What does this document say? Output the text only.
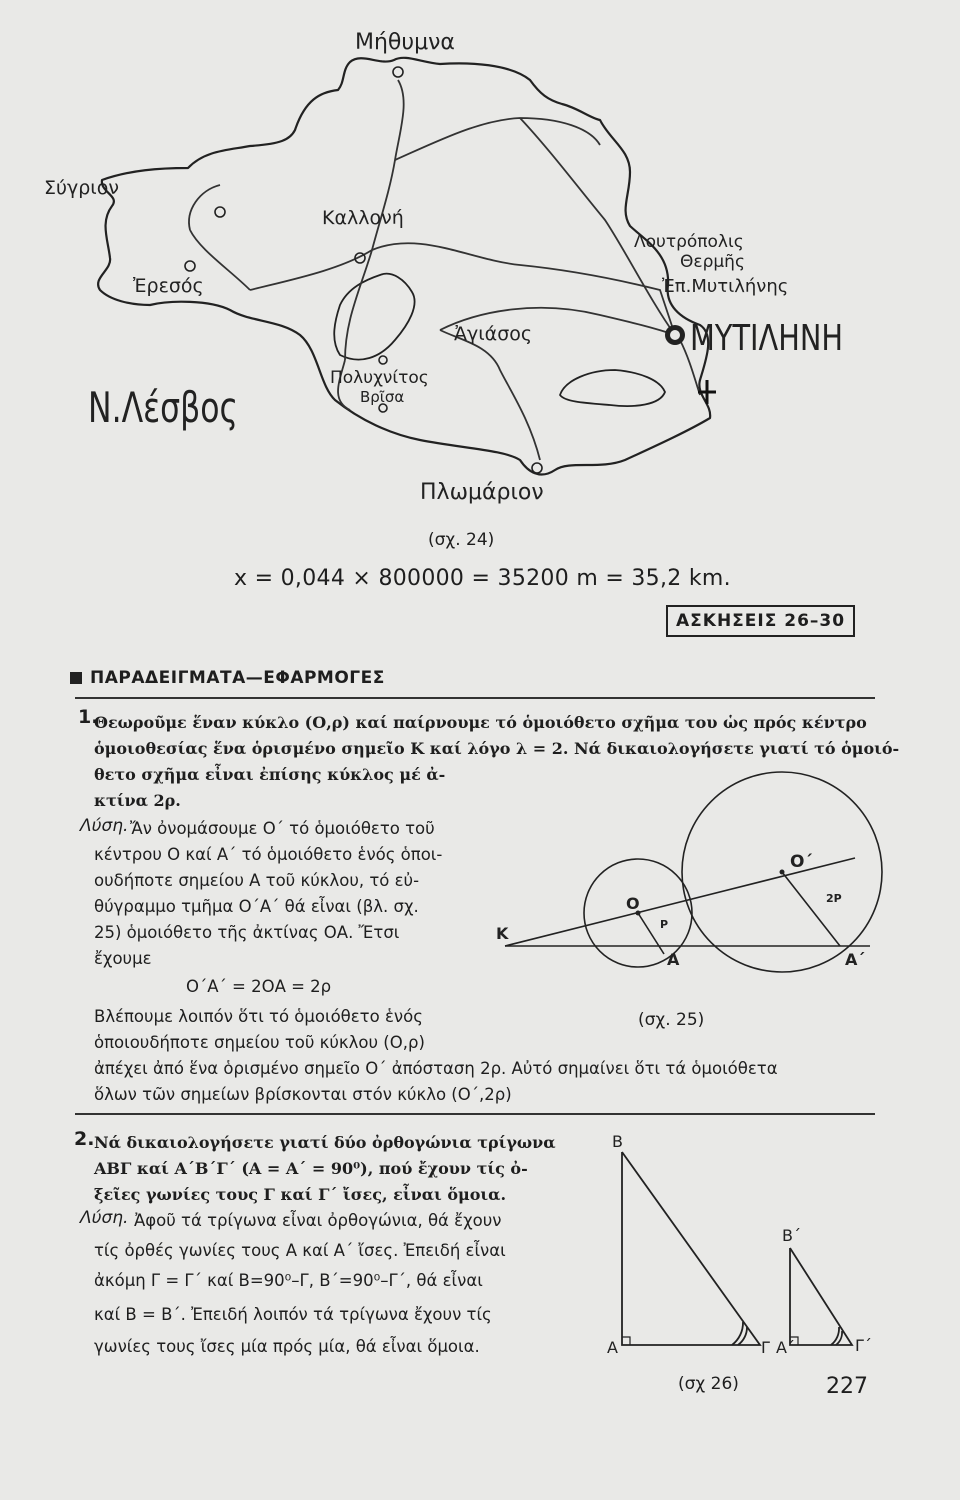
Μήθυμνα
Σύγριον
Καλλονή
Ἐρεσός
Λουτρόπολις
Θερμῆς
Ἐπ.Μυτιλήνης
ΜΥΤΙΛΗΝΗ
Ἀγιάσος
Πολυχνίτος
Βρῖσα
Ν.Λέσβος
Πλωμάριον
(σχ. 24)
x = 0,044 × 800000 = 35200 m = 35,2 km.
ΑΣΚΗΣΕΙΣ 26–30
ΠΑΡΑΔΕΙΓΜΑΤΑ—ΕΦΑΡΜΟΓΕΣ
1.
Θεωροῦμε ἕναν κύκλο (Ο,ρ) καί παίρνουμε τό ὁμοιόθετο σχῆμα του ὡς πρός κέντρο
ὁμοιοθεσίας ἕνα ὁρισμένο σημεῖο Κ καί λόγο λ = 2. Νά δικαιολογήσετε γιατί τό ὁμοιό-
θετο σχῆμα εἶναι ἐπίσης κύκλος μέ ἀ-
κτίνα 2ρ.
Λύση. Ἄν ὀνομάσουμε Ο΄ τό ὁμοιόθετο τοῦ
κέντρου Ο καί Α΄ τό ὁμοιόθετο ἑνός ὁποι-
ουδήποτε σημείου Α τοῦ κύκλου, τό εὐ-
θύγραμμο τμῆμα Ο΄Α΄ θά εἶναι (βλ. σχ.
25) ὁμοιόθετο τῆς ἀκτίνας ΟΑ. Ἔτσι
ἔχουμε
Ο΄Α΄ = 2ΟΑ = 2ρ
Βλέπουμε λοιπόν ὅτι τό ὁμοιόθετο ἑνός
ὁποιουδήποτε σημείου τοῦ κύκλου (Ο,ρ)
ἀπέχει ἀπό ἕνα ὁρισμένο σημεῖο Ο΄ ἀπόσταση 2ρ. Αὐτό σημαίνει ὅτι τά ὁμοιόθετα
ὅλων τῶν σημείων βρίσκονται στόν κύκλο (Ο΄,2ρ)
Κ
Ο
Ρ
Α
Ο΄
2Ρ
Α΄
(σχ. 25)
2. Νά δικαιολογήσετε γιατί δύο ὀρθογώνια τρίγωνα
ΑΒΓ καί Α΄Β΄Γ΄ (Α = Α΄ = 90⁰), πού ἔχουν τίς ὀ-
ξεῖες γωνίες τους Γ καί Γ΄ ἴσες, εἶναι ὅμοια.
Λύση. Ἀφοῦ τά τρίγωνα εἶναι ὀρθογώνια, θά ἔχουν
τίς ὀρθές γωνίες τους Α καί Α΄ ἴσες. Ἐπειδή εἶναι
ἀκόμη Γ = Γ΄ καί Β=90⁰–Γ, Β΄=90⁰–Γ΄, θά εἶναι
καί Β = Β΄. Ἐπειδή λοιπόν τά τρίγωνα ἔχουν τίς
γωνίες τους ἴσες μία πρός μία, θά εἶναι ὅμοια.
Β
Α	Γ
Β΄
Α΄	Γ΄
(σχ 26)	227
